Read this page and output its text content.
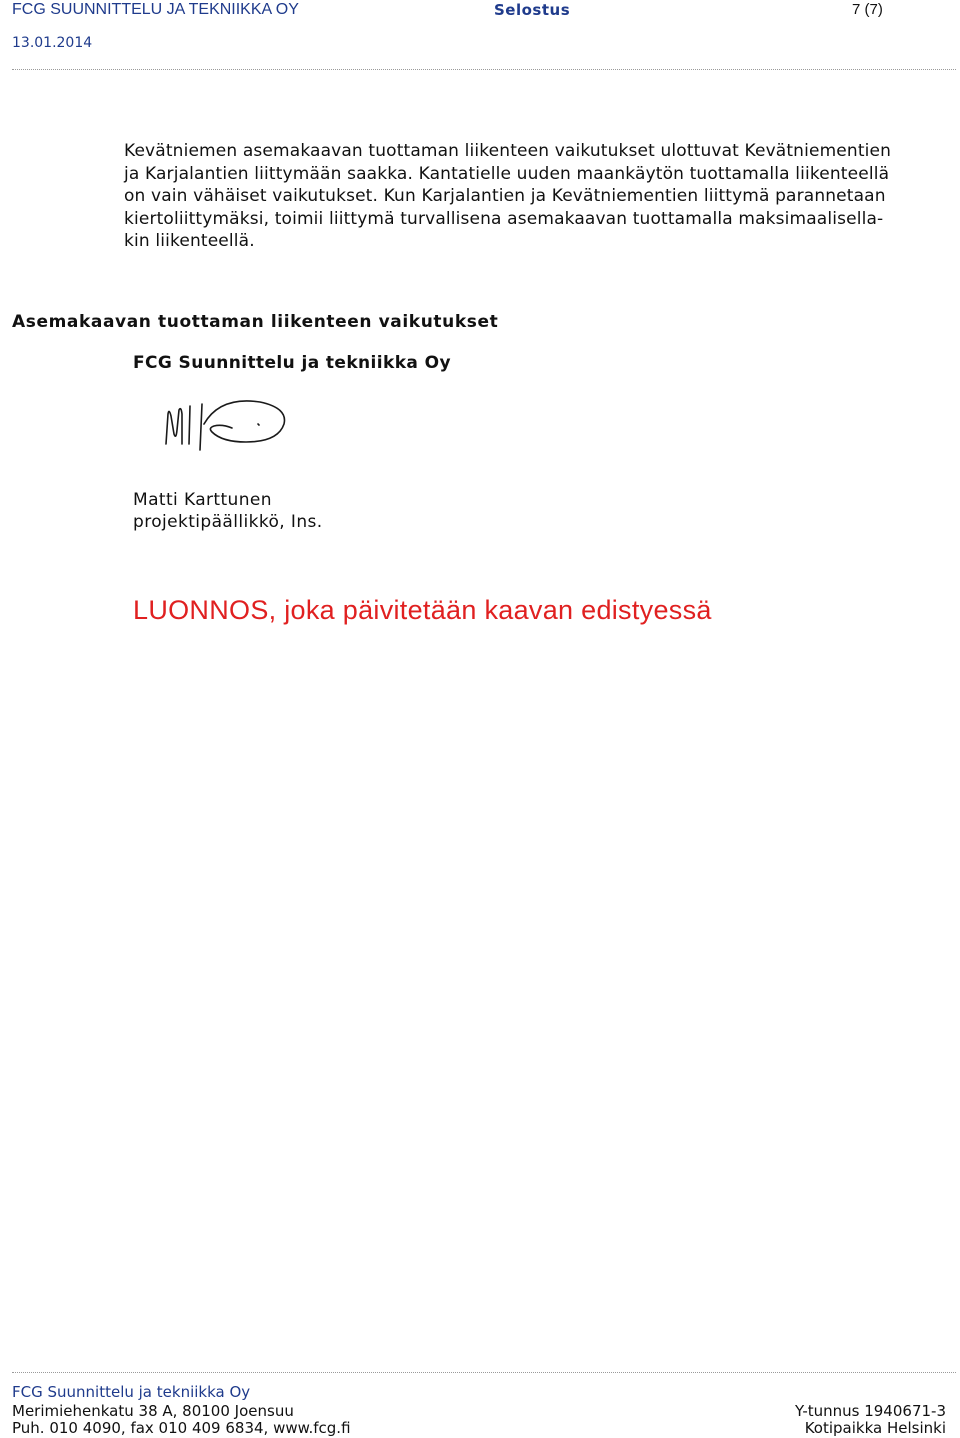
FCG SUUNNITTELU JA TEKNIIKKA OY	Selostus	7 (7)
13.01.2014
Kevätniemen asemakaavan tuottaman liikenteen vaikutukset ulottuvat Kevätniementien
ja Karjalantien liittymään saakka. Kantatielle uuden maankäytön tuottamalla liikenteellä
on vain vähäiset vaikutukset. Kun Karjalantien ja Kevätniementien liittymä parannetaan
kiertoliittymäksi, toimii liittymä turvallisena asemakaavan tuottamalla maksimaalisella-
kin liikenteellä.
Asemakaavan tuottaman liikenteen vaikutukset
FCG Suunnittelu ja tekniikka Oy
Matti Karttunen
projektipäällikkö, Ins.
LUONNOS, joka päivitetään kaavan edistyessä
FCG Suunnittelu ja tekniikka Oy
Merimiehenkatu 38 A, 80100 Joensuu
Puh. 010 4090, fax 010 409 6834, www.fcg.fi
Y-tunnus 1940671-3
Kotipaikka Helsinki
